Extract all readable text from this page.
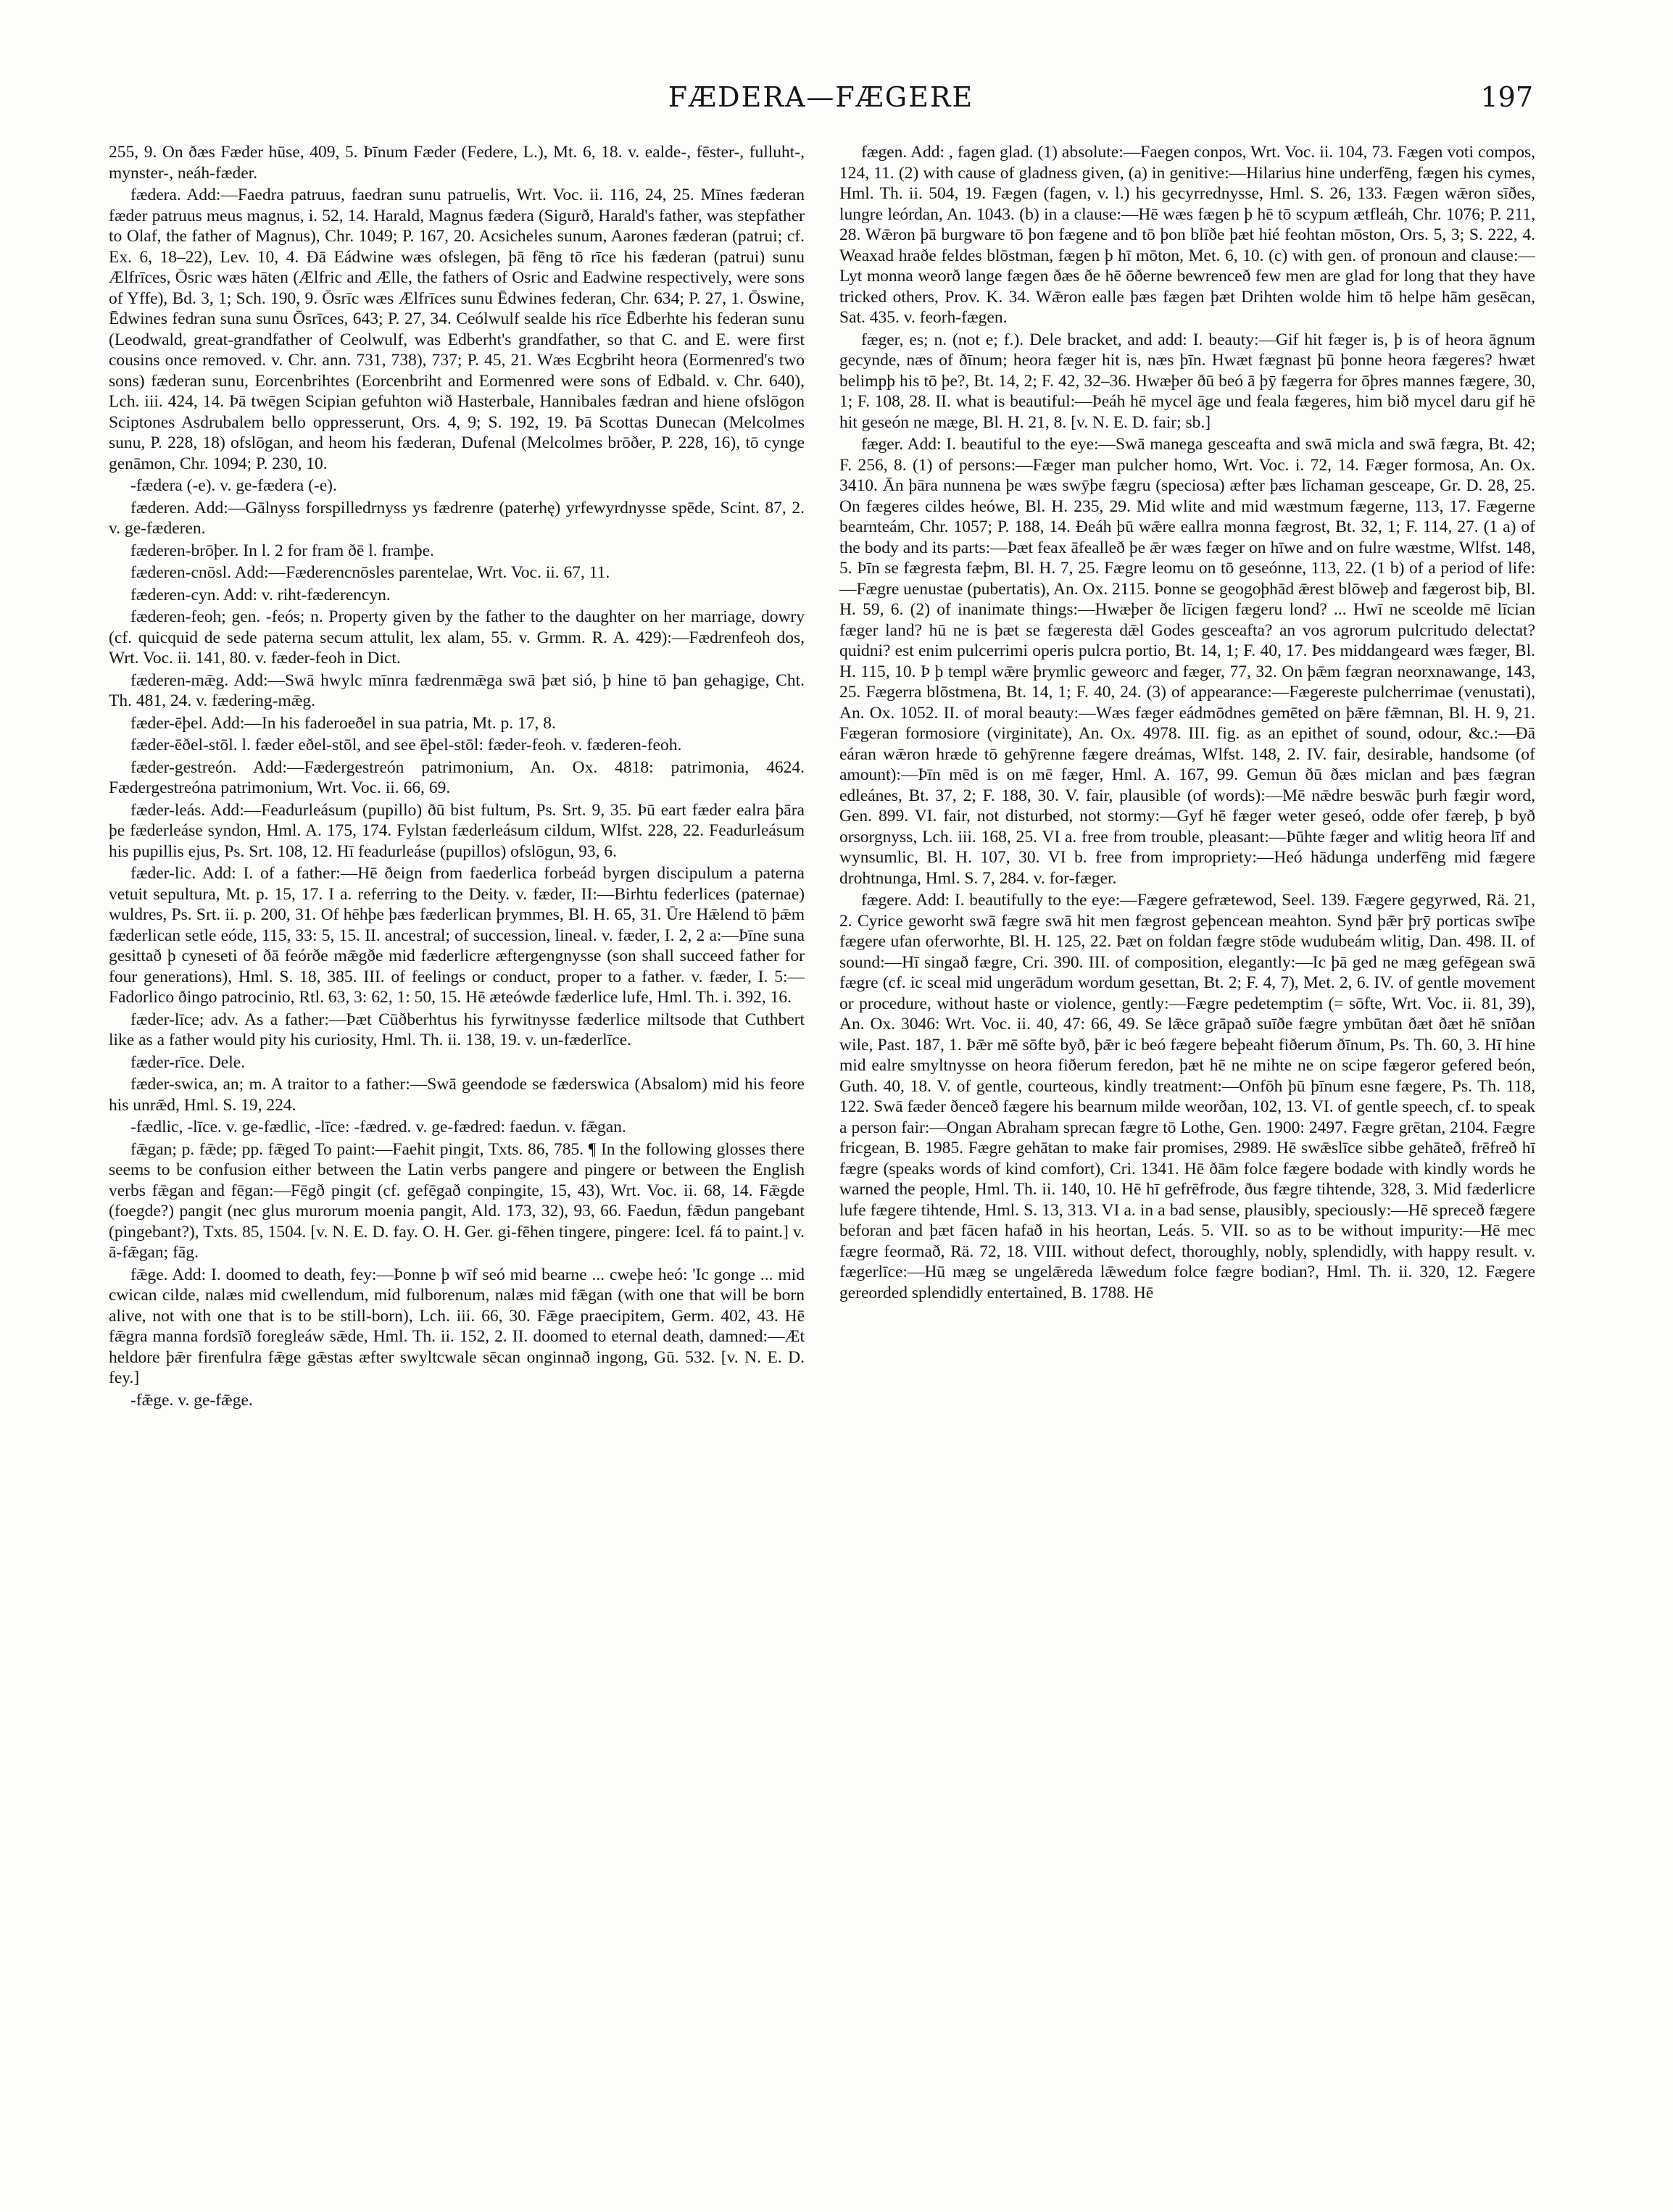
FÆDERA—FÆGERE	197

255, 9. On ðæs Fæder hūse, 409, 5. Þīnum Fæder (Federe, L.), Mt. 6, 18. v. ealde-, fēster-, fulluht-, mynster-, neáh-fæder.

fædera. Add:—Faedra patruus, faedran sunu patruelis, Wrt. Voc. ii. 116, 24, 25. Mīnes fæderan fæder patruus meus magnus, i. 52, 14. Harald, Magnus fædera (Sigurð, Harald's father, was stepfather to Olaf, the father of Magnus), Chr. 1049; P. 167, 20. Acsicheles sunum, Aarones fæderan (patrui; cf. Ex. 6, 18–22), Lev. 10, 4. Ðā Eádwine wæs ofslegen, þā fēng tō rīce his fæderan (patrui) sunu Ælfrīces, Ōsric wæs hāten (Ælfric and Ælle, the fathers of Osric and Eadwine respectively, were sons of Yffe), Bd. 3, 1; Sch. 190, 9. Ōsrīc wæs Ælfrīces sunu Ēdwines federan, Chr. 634; P. 27, 1. Ōswine, Ēdwines fedran suna sunu Ōsrīces, 643; P. 27, 34. Ceólwulf sealde his rīce Ēdberhte his federan sunu (Leodwald, great-grandfather of Ceolwulf, was Edberht's grandfather, so that C. and E. were first cousins once removed. v. Chr. ann. 731, 738), 737; P. 45, 21. Wæs Ecgbriht heora (Eormenred's two sons) fæderan sunu, Eorcenbrihtes (Eorcenbriht and Eormenred were sons of Edbald. v. Chr. 640), Lch. iii. 424, 14. Þā twēgen Scipian gefuhton wið Hasterbale, Hannibales fædran and hiene ofslōgon Sciptones Asdrubalem bello oppresserunt, Ors. 4, 9; S. 192, 19. Þā Scottas Dunecan (Melcolmes sunu, P. 228, 18) ofslōgan, and heom his fæderan, Dufenal (Melcolmes brōðer, P. 228, 16), tō cynge genāmon, Chr. 1094; P. 230, 10.

-fædera (-e). v. ge-fædera (-e).

fæderen. Add:—Gālnyss forspilledrnyss ys fædrenre (paterhę) yrfewyrdnysse spēde, Scint. 87, 2. v. ge-fæderen.

fæderen-brōþer. In l. 2 for fram ðē l. framþe.

fæderen-cnōsl. Add:—Fæderencnōsles parentelae, Wrt. Voc. ii. 67, 11.

fæderen-cyn. Add: v. riht-fæderencyn.

fæderen-feoh; gen. -feós; n. Property given by the father to the daughter on her marriage, dowry (cf. quicquid de sede paterna secum attulit, lex alam, 55. v. Grmm. R. A. 429):—Fædrenfeoh dos, Wrt. Voc. ii. 141, 80. v. fæder-feoh in Dict.

fæderen-mǣg. Add:—Swā hwylc mīnra fædrenmǣga swā þæt sió, þ hine tō þan gehagige, Cht. Th. 481, 24. v. fædering-mǣg.

fæder-ēþel. Add:—In his faderoeðel in sua patria, Mt. p. 17, 8.

fæder-ēðel-stōl. l. fæder eðel-stōl, and see ēþel-stōl: fæder-feoh. v. fæderen-feoh.

fæder-gestreón. Add:—Fædergestreón patrimonium, An. Ox. 4818: patrimonia, 4624. Fædergestreóna patrimonium, Wrt. Voc. ii. 66, 69.

fæder-leás. Add:—Feadurleásum (pupillo) ðū bist fultum, Ps. Srt. 9, 35. Þū eart fæder ealra þāra þe fæderleáse syndon, Hml. A. 175, 174. Fylstan fæderleásum cildum, Wlfst. 228, 22. Feadurleásum his pupillis ejus, Ps. Srt. 108, 12. Hī feadurleáse (pupillos) ofslōgun, 93, 6.

fæder-lic. Add: I. of a father:—Hē ðeign from faederlica forbeád byrgen discipulum a paterna vetuit sepultura, Mt. p. 15, 17. I a. referring to the Deity. v. fæder, II:—Birhtu federlices (paternae) wuldres, Ps. Srt. ii. p. 200, 31. Of hēhþe þæs fæderlican þrymmes, Bl. H. 65, 31. Ūre Hǣlend tō þǣm fæderlican setle eóde, 115, 33: 5, 15. II. ancestral; of succession, lineal. v. fæder, I. 2, 2 a:—Þīne suna gesittað þ cyneseti of ðā feórðe mǣgðe mid fæderlicre æftergengnysse (son shall succeed father for four generations), Hml. S. 18, 385. III. of feelings or conduct, proper to a father. v. fæder, I. 5:—Fadorlico ðingo patrocinio, Rtl. 63, 3: 62, 1: 50, 15. Hē æteówde fæderlice lufe, Hml. Th. i. 392, 16.

fæder-līce; adv. As a father:—Þæt Cūðberhtus his fyrwitnysse fæderlice miltsode that Cuthbert like as a father would pity his curiosity, Hml. Th. ii. 138, 19. v. un-fæderlīce.

fæder-rīce. Dele.

fæder-swica, an; m. A traitor to a father:—Swā geendode se fæderswica (Absalom) mid his feore his unrǣd, Hml. S. 19, 224.

-fædlic, -līce. v. ge-fædlic, -līce: -fædred. v. ge-fædred: faedun. v. fǣgan.

fǣgan; p. fǣde; pp. fǣged To paint:—Faehit pingit, Txts. 86, 785. ¶ In the following glosses there seems to be confusion either between the Latin verbs pangere and pingere or between the English verbs fǣgan and fēgan:—Fēgð pingit (cf. gefēgað conpingite, 15, 43), Wrt. Voc. ii. 68, 14. Fǣgde (foegde?) pangit (nec glus murorum moenia pangit, Ald. 173, 32), 93, 66. Faedun, fǣdun pangebant (pingebant?), Txts. 85, 1504. [v. N. E. D. fay. O. H. Ger. gi-fēhen tingere, pingere: Icel. fá to paint.] v. ā-fǣgan; fāg.

fǣge. Add: I. doomed to death, fey:—Þonne þ wīf seó mid bearne ... cweþe heó: 'Ic gonge ... mid cwican cilde, nalæs mid cwellendum, mid fulborenum, nalæs mid fǣgan (with one that will be born alive, not with one that is to be still-born), Lch. iii. 66, 30. Fǣge praecipitem, Germ. 402, 43. Hē fǣgra manna fordsīð foregleáw sǣde, Hml. Th. ii. 152, 2. II. doomed to eternal death, damned:—Æt heldore þǣr firenfulra fǣge gǣstas æfter swyltcwale sēcan onginnað ingong, Gū. 532. [v. N. E. D. fey.]

-fǣge. v. ge-fǣge.

fægen. Add: , fagen glad. (1) absolute:—Faegen conpos, Wrt. Voc. ii. 104, 73. Fægen voti compos, 124, 11. (2) with cause of gladness given, (a) in genitive:—Hilarius hine underfēng, fægen his cymes, Hml. Th. ii. 504, 19. Fægen (fagen, v. l.) his gecyrrednysse, Hml. S. 26, 133. Fægen wǣron sīðes, lungre leórdan, An. 1043. (b) in a clause:—Hē wæs fægen þ hē tō scypum ætfleáh, Chr. 1076; P. 211, 28. Wǣron þā burgware tō þon fægene and tō þon blīðe þæt hié feohtan mōston, Ors. 5, 3; S. 222, 4. Weaxad hraðe feldes blōstman, fægen þ hī mōton, Met. 6, 10. (c) with gen. of pronoun and clause:—Lyt monna weorð lange fægen ðæs ðe hē ōðerne bewrenceð few men are glad for long that they have tricked others, Prov. K. 34. Wǣron ealle þæs fægen þæt Drihten wolde him tō helpe hām gesēcan, Sat. 435. v. feorh-fægen.

fæger, es; n. (not e; f.). Dele bracket, and add: I. beauty:—Gif hit fæger is, þ is of heora āgnum gecynde, næs of ðīnum; heora fæger hit is, næs þīn. Hwæt fægnast þū þonne heora fægeres? hwæt belimpþ his tō þe?, Bt. 14, 2; F. 42, 32–36. Hwæþer ðū beó ā þȳ fægerra for ōþres mannes fægere, 30, 1; F. 108, 28. II. what is beautiful:—Þeáh hē mycel āge und feala fægeres, him bið mycel daru gif hē hit geseón ne mæge, Bl. H. 21, 8. [v. N. E. D. fair; sb.]

fæger. Add: I. beautiful to the eye:—Swā manega gesceafta and swā micla and swā fægra, Bt. 42; F. 256, 8. (1) of persons:—Fæger man pulcher homo, Wrt. Voc. i. 72, 14. Fæger formosa, An. Ox. 3410. Ān þāra nunnena þe wæs swȳþe fægru (speciosa) æfter þæs līchaman gesceape, Gr. D. 28, 25. On fægeres cildes heówe, Bl. H. 235, 29. Mid wlite and mid wæstmum fægerne, 113, 17. Fægerne bearnteám, Chr. 1057; P. 188, 14. Ðeáh þū wǣre eallra monna fægrost, Bt. 32, 1; F. 114, 27. (1 a) of the body and its parts:—Þæt feax āfealleð þe ǣr wæs fæger on hīwe and on fulre wæstme, Wlfst. 148, 5. Þīn se fægresta fæþm, Bl. H. 7, 25. Fægre leomu on tō geseónne, 113, 22. (1 b) of a period of life:—Fægre uenustae (pubertatis), An. Ox. 2115. Þonne se geogoþhād ǣrest blōweþ and fægerost biþ, Bl. H. 59, 6. (2) of inanimate things:—Hwæþer ðe līcigen fægeru lond? ... Hwī ne sceolde mē līcian fæger land? hū ne is þæt se fægeresta dǣl Godes gesceafta? an vos agrorum pulcritudo delectat? quidni? est enim pulcerrimi operis pulcra portio, Bt. 14, 1; F. 40, 17. Þes middangeard wæs fæger, Bl. H. 115, 10. Þ þ templ wǣre þrymlic geweorc and fæger, 77, 32. On þǣm fægran neorxnawange, 143, 25. Fægerra blōstmena, Bt. 14, 1; F. 40, 24. (3) of appearance:—Fægereste pulcherrimae (venustati), An. Ox. 1052. II. of moral beauty:—Wæs fæger eádmōdnes gemēted on þǣre fǣmnan, Bl. H. 9, 21. Fægeran formosiore (virginitate), An. Ox. 4978. III. fig. as an epithet of sound, odour, &c.:—Ðā eáran wǣron hræde tō gehȳrenne fægere dreámas, Wlfst. 148, 2. IV. fair, desirable, handsome (of amount):—Þīn mēd is on mē fæger, Hml. A. 167, 99. Gemun ðū ðæs miclan and þæs fægran edleánes, Bt. 37, 2; F. 188, 30. V. fair, plausible (of words):—Mē nǣdre beswāc þurh fægir word, Gen. 899. VI. fair, not disturbed, not stormy:—Gyf hē fæger weter geseó, odde ofer færeþ, þ byð orsorgnyss, Lch. iii. 168, 25. VI a. free from trouble, pleasant:—Þūhte fæger and wlitig heora līf and wynsumlic, Bl. H. 107, 30. VI b. free from impropriety:—Heó hādunga underfēng mid fægere drohtnunga, Hml. S. 7, 284. v. for-fæger.

fægere. Add: I. beautifully to the eye:—Fægere gefrætewod, Seel. 139. Fægere gegyrwed, Rä. 21, 2. Cyrice geworht swā fægre swā hit men fægrost geþencean meahton. Synd þǣr þrȳ porticas swīþe fægere ufan oferworhte, Bl. H. 125, 22. Þæt on foldan fægre stōde wudubeám wlitig, Dan. 498. II. of sound:—Hī singað fægre, Cri. 390. III. of composition, elegantly:—Ic þā ged ne mæg gefēgean swā fægre (cf. ic sceal mid ungerādum wordum gesettan, Bt. 2; F. 4, 7), Met. 2, 6. IV. of gentle movement or procedure, without haste or violence, gently:—Fægre pedetemptim (= sōfte, Wrt. Voc. ii. 81, 39), An. Ox. 3046: Wrt. Voc. ii. 40, 47: 66, 49. Se lǣce grāpað suīðe fægre ymbūtan ðæt ðæt hē snīðan wile, Past. 187, 1. Þǣr mē sōfte byð, þǣr ic beó fægere beþeaht fiðerum ðīnum, Ps. Th. 60, 3. Hī hine mid ealre smyltnysse on heora fiðerum feredon, þæt hē ne mihte ne on scipe fægeror gefered beón, Guth. 40, 18. V. of gentle, courteous, kindly treatment:—Onfōh þū þīnum esne fægere, Ps. Th. 118, 122. Swā fæder ðenceð fægere his bearnum milde weorðan, 102, 13. VI. of gentle speech, cf. to speak a person fair:—Ongan Abraham sprecan fægre tō Lothe, Gen. 1900: 2497. Fægre grētan, 2104. Fægre fricgean, B. 1985. Fægre gehātan to make fair promises, 2989. Hē swǣslīce sibbe gehāteð, frēfreð hī fægre (speaks words of kind comfort), Cri. 1341. Hē ðām folce fægere bodade with kindly words he warned the people, Hml. Th. ii. 140, 10. Hē hī gefrēfrode, ðus fægre tihtende, 328, 3. Mid fæderlicre lufe fægere tihtende, Hml. S. 13, 313. VI a. in a bad sense, plausibly, speciously:—Hē spreceð fægere beforan and þæt fācen hafað in his heortan, Leás. 5. VII. so as to be without impurity:—Hē mec fægre feormað, Rä. 72, 18. VIII. without defect, thoroughly, nobly, splendidly, with happy result. v. fægerlīce:—Hū mæg se ungelǣreda lǣwedum folce fægre bodian?, Hml. Th. ii. 320, 12. Fægere gereorded splendidly entertained, B. 1788. Hē
